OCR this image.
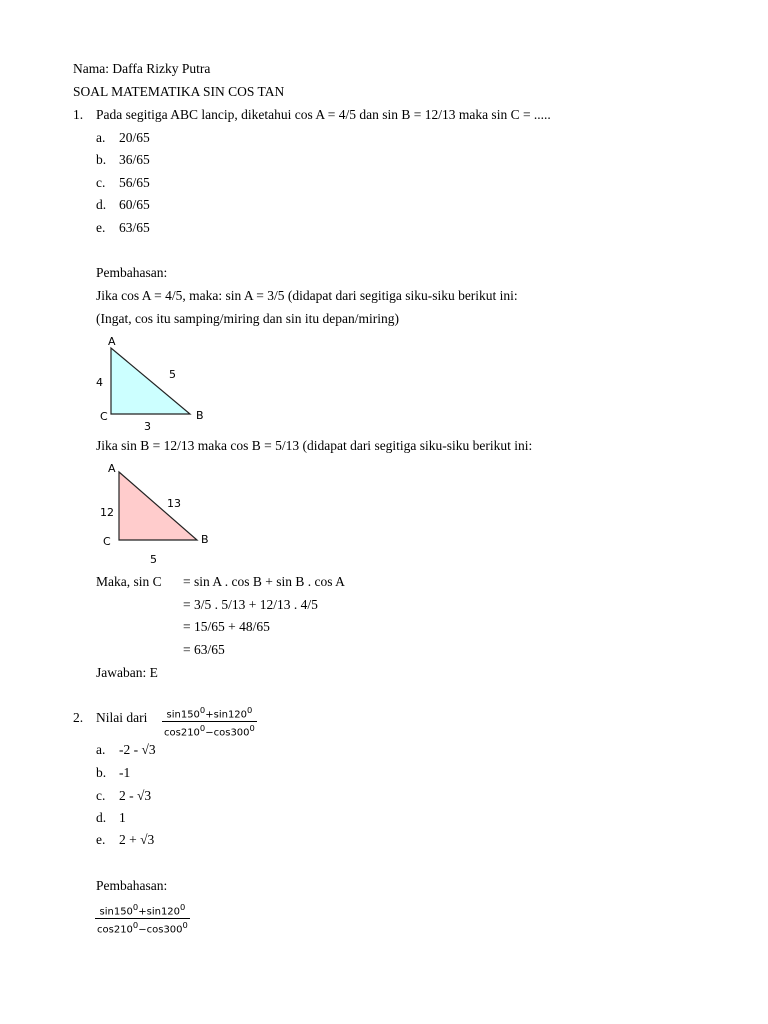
Nama: Daffa Rizky Putra
SOAL MATEMATIKA SIN COS TAN
1. Pada segitiga ABC lancip, diketahui cos A = 4/5 dan sin B = 12/13 maka sin C = .....
a. 20/65
b. 36/65
c. 56/65
d. 60/65
e. 63/65
Pembahasan:
Jika cos A = 4/5, maka: sin A = 3/5 (didapat dari segitiga siku-siku berikut ini:
(Ingat, cos itu samping/miring dan sin itu depan/miring)
A
B
C
4
5
3
Jika sin B = 12/13 maka cos B = 5/13 (didapat dari segitiga siku-siku berikut ini:
A
B
C
12
13
5
Maka, sin C = sin A . cos B + sin B . cos A
= 3/5 . 5/13 + 12/13 . 4/5
= 15/65 + 48/65
= 63/65
Jawaban: E
2. Nilai dari $\frac{\sin 150^0+\sin 120^0}{\cos 210^0-\cos 300^0}$
a. -2 - √3
b. -1
c. 2 - √3
d. 1
e. 2 + √3
Pembahasan:
$\frac{\sin 150^0+\sin 120^0}{\cos 210^0-\cos 300^0}$
